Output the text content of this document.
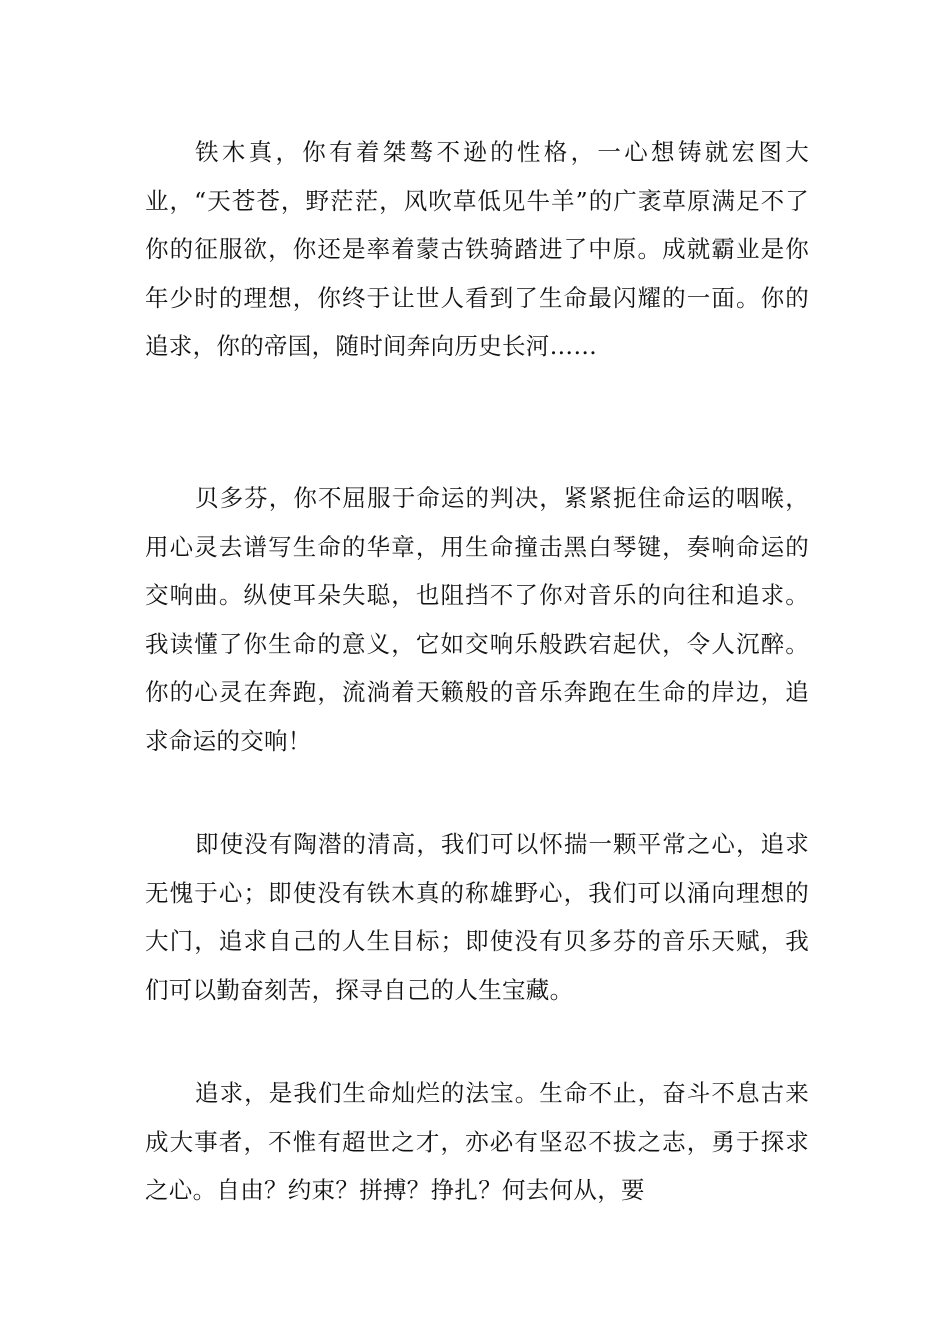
铁木真，你有着桀骜不逊的性格，一心想铸就宏图大业，“天苍苍，野茫茫，风吹草低见牛羊”的广袤草原满足不了你的征服欲，你还是率着蒙古铁骑踏进了中原。成就霸业是你年少时的理想，你终于让世人看到了生命最闪耀的一面。你的追求，你的帝国，随时间奔向历史长河……

贝多芬，你不屈服于命运的判决，紧紧扼住命运的咽喉，用心灵去谱写生命的华章，用生命撞击黑白琴键，奏响命运的交响曲。纵使耳朵失聪，也阻挡不了你对音乐的向往和追求。我读懂了你生命的意义，它如交响乐般跌宕起伏，令人沉醉。你的心灵在奔跑，流淌着天籁般的音乐奔跑在生命的岸边，追求命运的交响！

即使没有陶潜的清高，我们可以怀揣一颗平常之心，追求无愧于心；即使没有铁木真的称雄野心，我们可以涌向理想的大门，追求自己的人生目标；即使没有贝多芬的音乐天赋，我们可以勤奋刻苦，探寻自己的人生宝藏。

追求，是我们生命灿烂的法宝。生命不止，奋斗不息古来成大事者，不惟有超世之才，亦必有坚忍不拔之志，勇于探求之心。自由？约束？拼搏？挣扎？何去何从，要
